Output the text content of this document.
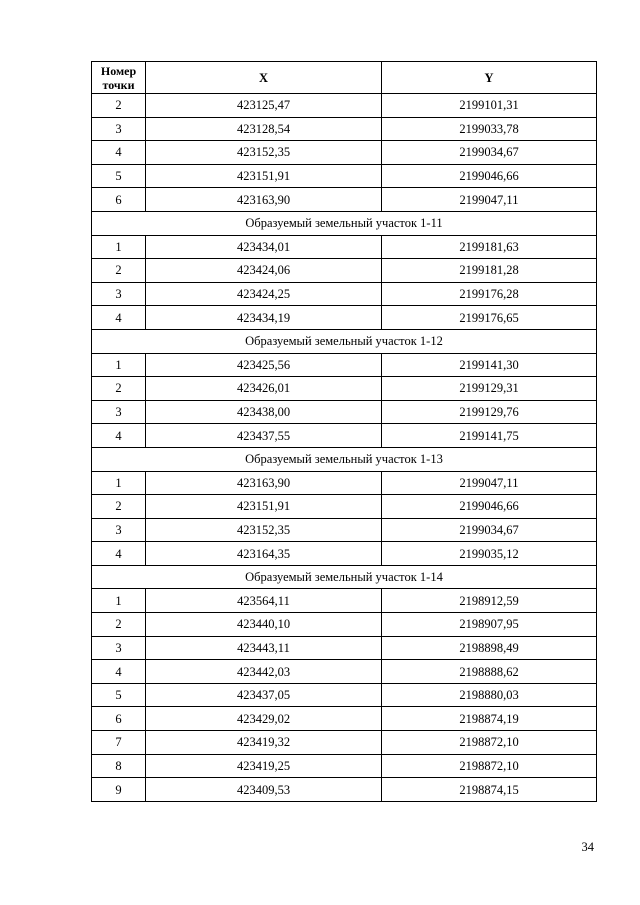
Номер точки	X	Y
2	423125,47	2199101,31
3	423128,54	2199033,78
4	423152,35	2199034,67
5	423151,91	2199046,66
6	423163,90	2199047,11
Образуемый земельный участок 1-11		
1	423434,01	2199181,63
2	423424,06	2199181,28
3	423424,25	2199176,28
4	423434,19	2199176,65
Образуемый земельный участок 1-12		
1	423425,56	2199141,30
2	423426,01	2199129,31
3	423438,00	2199129,76
4	423437,55	2199141,75
Образуемый земельный участок 1-13		
1	423163,90	2199047,11
2	423151,91	2199046,66
3	423152,35	2199034,67
4	423164,35	2199035,12
Образуемый земельный участок 1-14		
1	423564,11	2198912,59
2	423440,10	2198907,95
3	423443,11	2198898,49
4	423442,03	2198888,62
5	423437,05	2198880,03
6	423429,02	2198874,19
7	423419,32	2198872,10
8	423419,25	2198872,10
9	423409,53	2198874,15
34
